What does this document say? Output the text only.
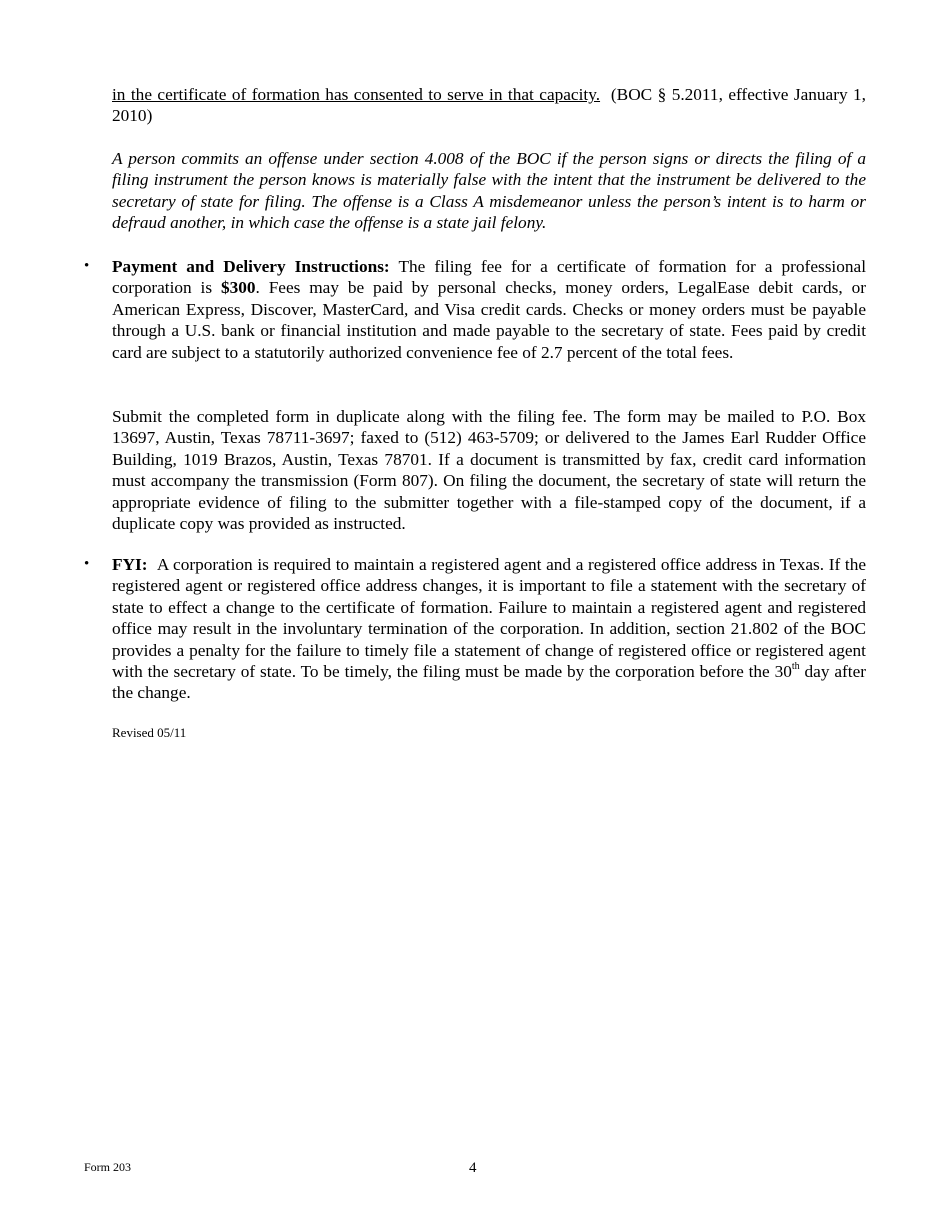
in the certificate of formation has consented to serve in that capacity. (BOC § 5.2011, effective January 1, 2010)
A person commits an offense under section 4.008 of the BOC if the person signs or directs the filing of a filing instrument the person knows is materially false with the intent that the instrument be delivered to the secretary of state for filing. The offense is a Class A misdemeanor unless the person’s intent is to harm or defraud another, in which case the offense is a state jail felony.
• Payment and Delivery Instructions: The filing fee for a certificate of formation for a professional corporation is $300. Fees may be paid by personal checks, money orders, LegalEase debit cards, or American Express, Discover, MasterCard, and Visa credit cards. Checks or money orders must be payable through a U.S. bank or financial institution and made payable to the secretary of state. Fees paid by credit card are subject to a statutorily authorized convenience fee of 2.7 percent of the total fees.
Submit the completed form in duplicate along with the filing fee. The form may be mailed to P.O. Box 13697, Austin, Texas 78711-3697; faxed to (512) 463-5709; or delivered to the James Earl Rudder Office Building, 1019 Brazos, Austin, Texas 78701. If a document is transmitted by fax, credit card information must accompany the transmission (Form 807). On filing the document, the secretary of state will return the appropriate evidence of filing to the submitter together with a file-stamped copy of the document, if a duplicate copy was provided as instructed.
• FYI: A corporation is required to maintain a registered agent and a registered office address in Texas. If the registered agent or registered office address changes, it is important to file a statement with the secretary of state to effect a change to the certificate of formation. Failure to maintain a registered agent and registered office may result in the involuntary termination of the corporation. In addition, section 21.802 of the BOC provides a penalty for the failure to timely file a statement of change of registered office or registered agent with the secretary of state. To be timely, the filing must be made by the corporation before the 30th day after the change.
Revised 05/11
Form 203	4
